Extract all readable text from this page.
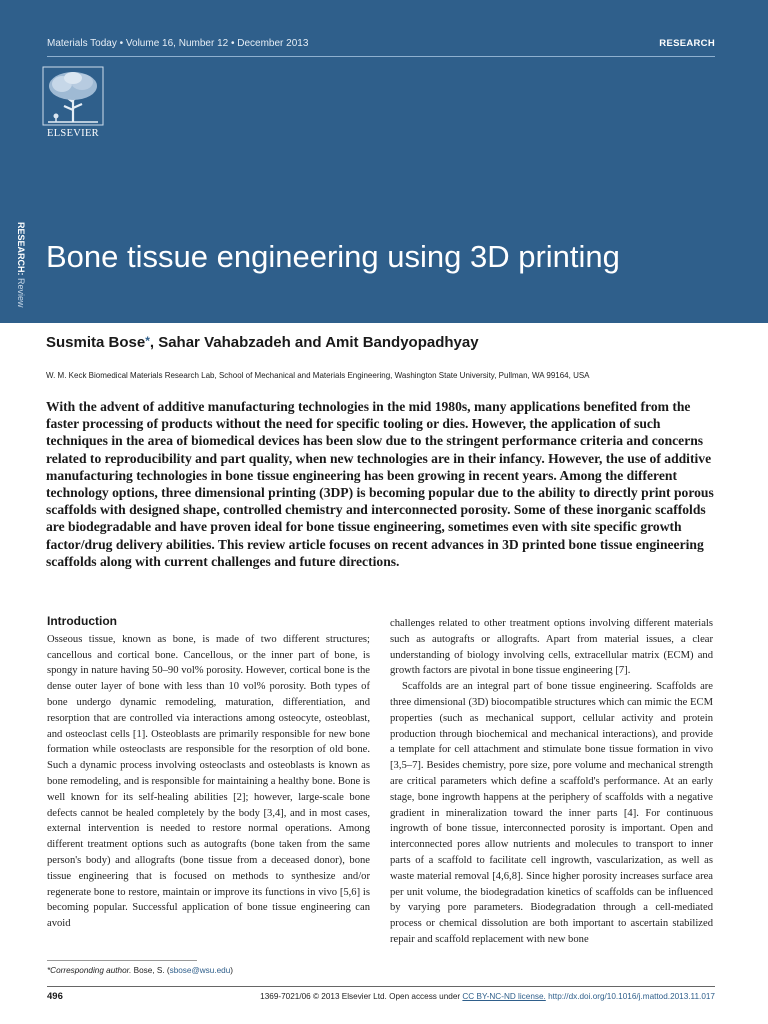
Materials Today • Volume 16, Number 12 • December 2013	RESEARCH
ELSEVIER
RESEARCH: Review
Bone tissue engineering using 3D printing
Susmita Bose*, Sahar Vahabzadeh and Amit Bandyopadhyay
W. M. Keck Biomedical Materials Research Lab, School of Mechanical and Materials Engineering, Washington State University, Pullman, WA 99164, USA

With the advent of additive manufacturing technologies in the mid 1980s, many applications benefited from the faster processing of products without the need for specific tooling or dies. However, the application of such techniques in the area of biomedical devices has been slow due to the stringent performance criteria and concerns related to reproducibility and part quality, when new technologies are in their infancy. However, the use of additive manufacturing technologies in bone tissue engineering has been growing in recent years. Among the different technology options, three dimensional printing (3DP) is becoming popular due to the ability to directly print porous scaffolds with designed shape, controlled chemistry and interconnected porosity. Some of these inorganic scaffolds are biodegradable and have proven ideal for bone tissue engineering, sometimes even with site specific growth factor/drug delivery abilities. This review article focuses on recent advances in 3D printed bone tissue engineering scaffolds along with current challenges and future directions.

Introduction

Osseous tissue, known as bone, is made of two different structures; cancellous and cortical bone. Cancellous, or the inner part of bone, is spongy in nature having 50–90 vol% porosity. However, cortical bone is the dense outer layer of bone with less than 10 vol% porosity. Both types of bone undergo dynamic remodeling, maturation, differentiation, and resorption that are controlled via interactions among osteocyte, osteoblast, and osteoclast cells [1]. Osteoblasts are primarily responsible for new bone formation while osteoclasts are responsible for the resorption of old bone. Such a dynamic process involving osteoclasts and osteoblasts is known as bone remodeling, and is responsible for maintaining a healthy bone. Bone is well known for its self-healing abilities [2]; however, large-scale bone defects cannot be healed completely by the body [3,4], and in most cases, external intervention is needed to restore normal operations. Among different treatment options such as autografts (bone taken from the same person's body) and allografts (bone tissue from a deceased donor), bone tissue engineering that is focused on methods to synthesize and/or regenerate bone to restore, maintain or improve its functions in vivo [5,6] is becoming popular. Successful application of bone tissue engineering can avoid

challenges related to other treatment options involving different materials such as autografts or allografts. Apart from material issues, a clear understanding of biology involving cells, extracellular matrix (ECM) and growth factors are pivotal in bone tissue engineering [7].

Scaffolds are an integral part of bone tissue engineering. Scaffolds are three dimensional (3D) biocompatible structures which can mimic the ECM properties (such as mechanical support, cellular activity and protein production through biochemical and mechanical interactions), and provide a template for cell attachment and stimulate bone tissue formation in vivo [3,5–7]. Besides chemistry, pore size, pore volume and mechanical strength are critical parameters which define a scaffold's performance. At an early stage, bone ingrowth happens at the periphery of scaffolds with a negative gradient in mineralization toward the inner parts [4]. For continuous ingrowth of bone tissue, interconnected porosity is important. Open and interconnected pores allow nutrients and molecules to transport to inner parts of a scaffold to facilitate cell ingrowth, vascularization, as well as waste material removal [4,6,8]. Since higher porosity increases surface area per unit volume, the biodegradation kinetics of scaffolds can be influenced by varying pore parameters. Biodegradation through a cell-mediated process or chemical dissolution are both important to ascertain stabilized repair and scaffold replacement with new bone

*Corresponding author. Bose, S. (sbose@wsu.edu)
496	1369-7021/06 © 2013 Elsevier Ltd. Open access under CC BY-NC-ND license. http://dx.doi.org/10.1016/j.mattod.2013.11.017
